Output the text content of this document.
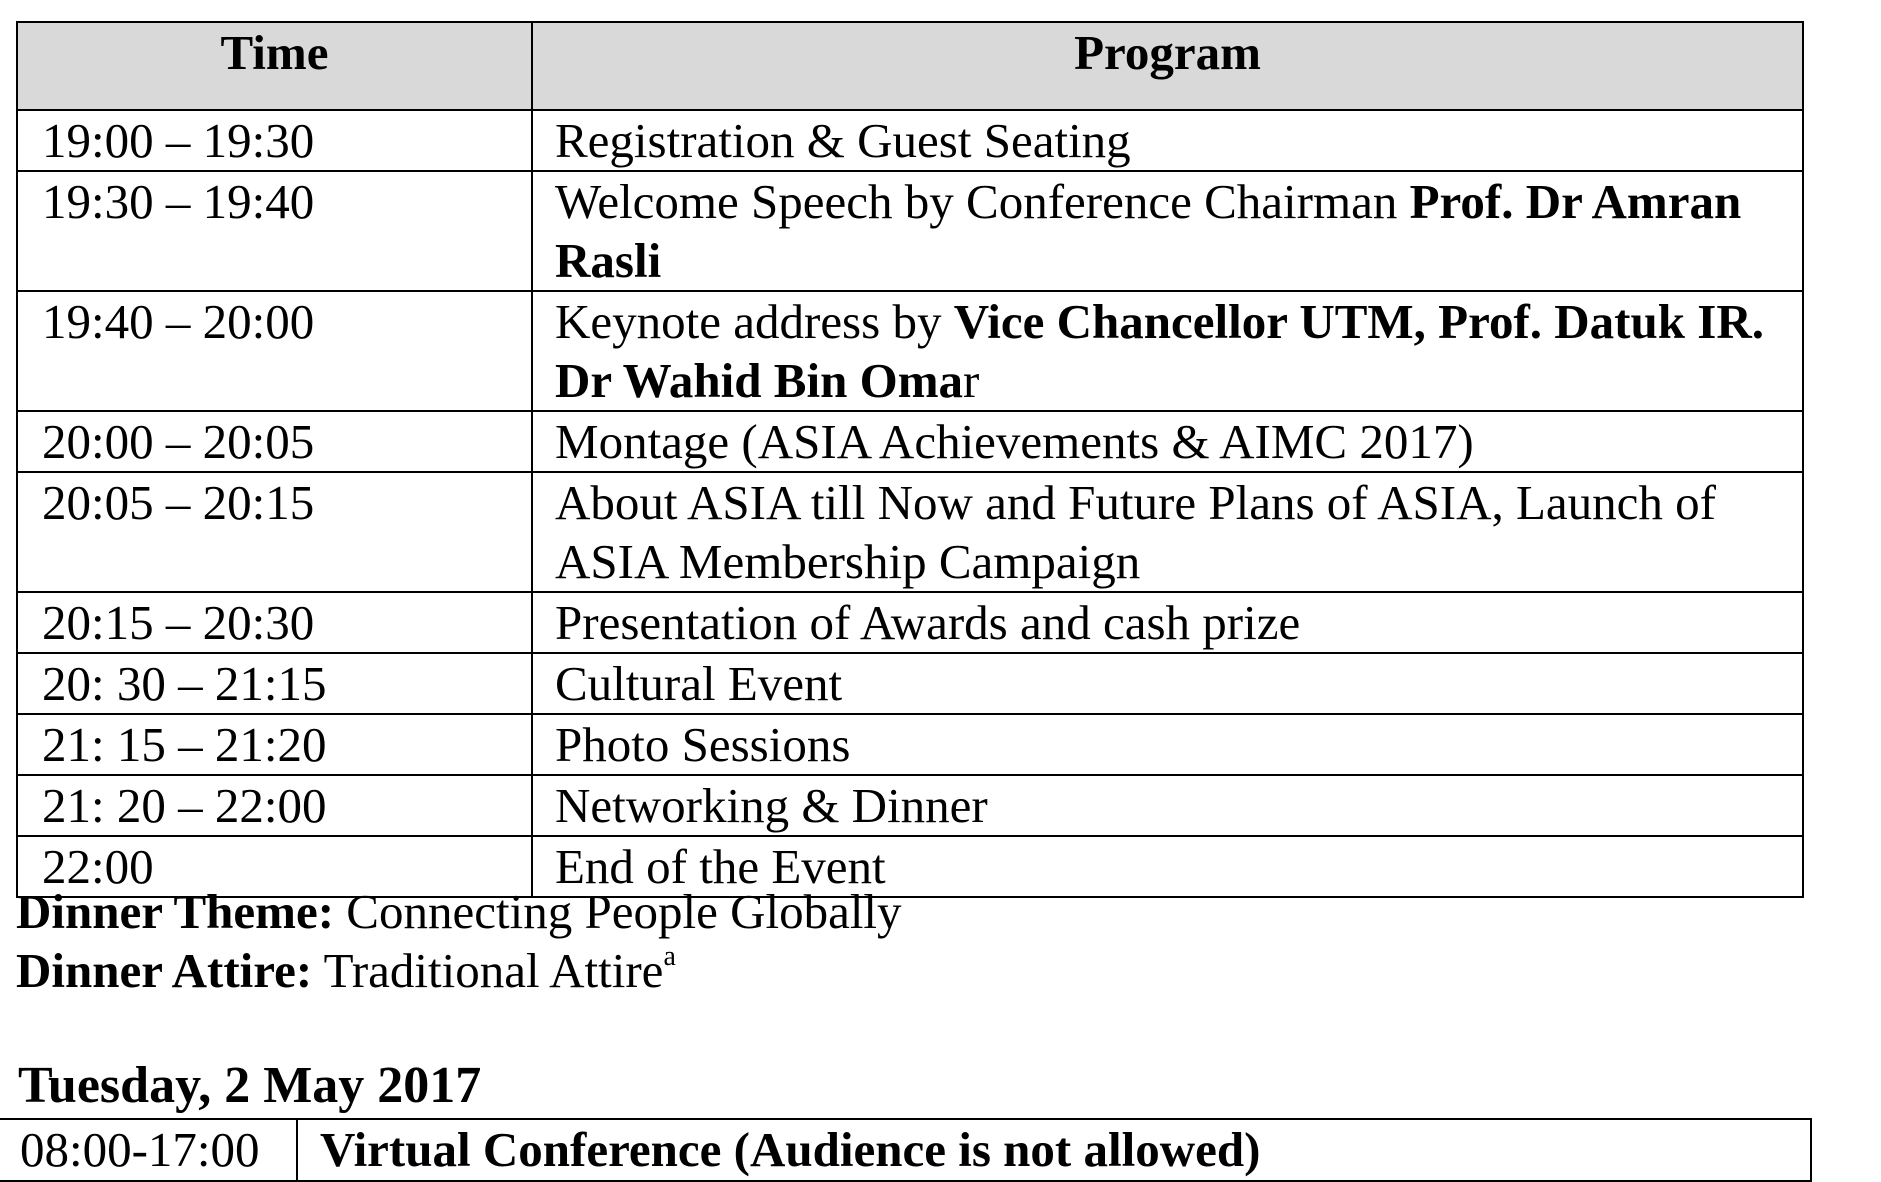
Time	Program
19:00 – 19:30	Registration & Guest Seating
19:30 – 19:40	Welcome Speech by Conference Chairman Prof. Dr Amran Rasli
19:40 – 20:00	Keynote address by Vice Chancellor UTM, Prof. Datuk IR. Dr Wahid Bin Omar
20:00 – 20:05	Montage (ASIA Achievements & AIMC 2017)
20:05 – 20:15	About ASIA till Now and Future Plans of ASIA, Launch of ASIA Membership Campaign
20:15 – 20:30	Presentation of Awards and cash prize
20: 30 – 21:15	Cultural Event
21: 15 – 21:20	Photo Sessions
21: 20 – 22:00	Networking & Dinner
22:00	End of the Event
Dinner Theme: Connecting People Globally
Dinner Attire: Traditional Attire$^a$
Tuesday, 2 May 2017
08:00-17:00	Virtual Conference (Audience is not allowed)
